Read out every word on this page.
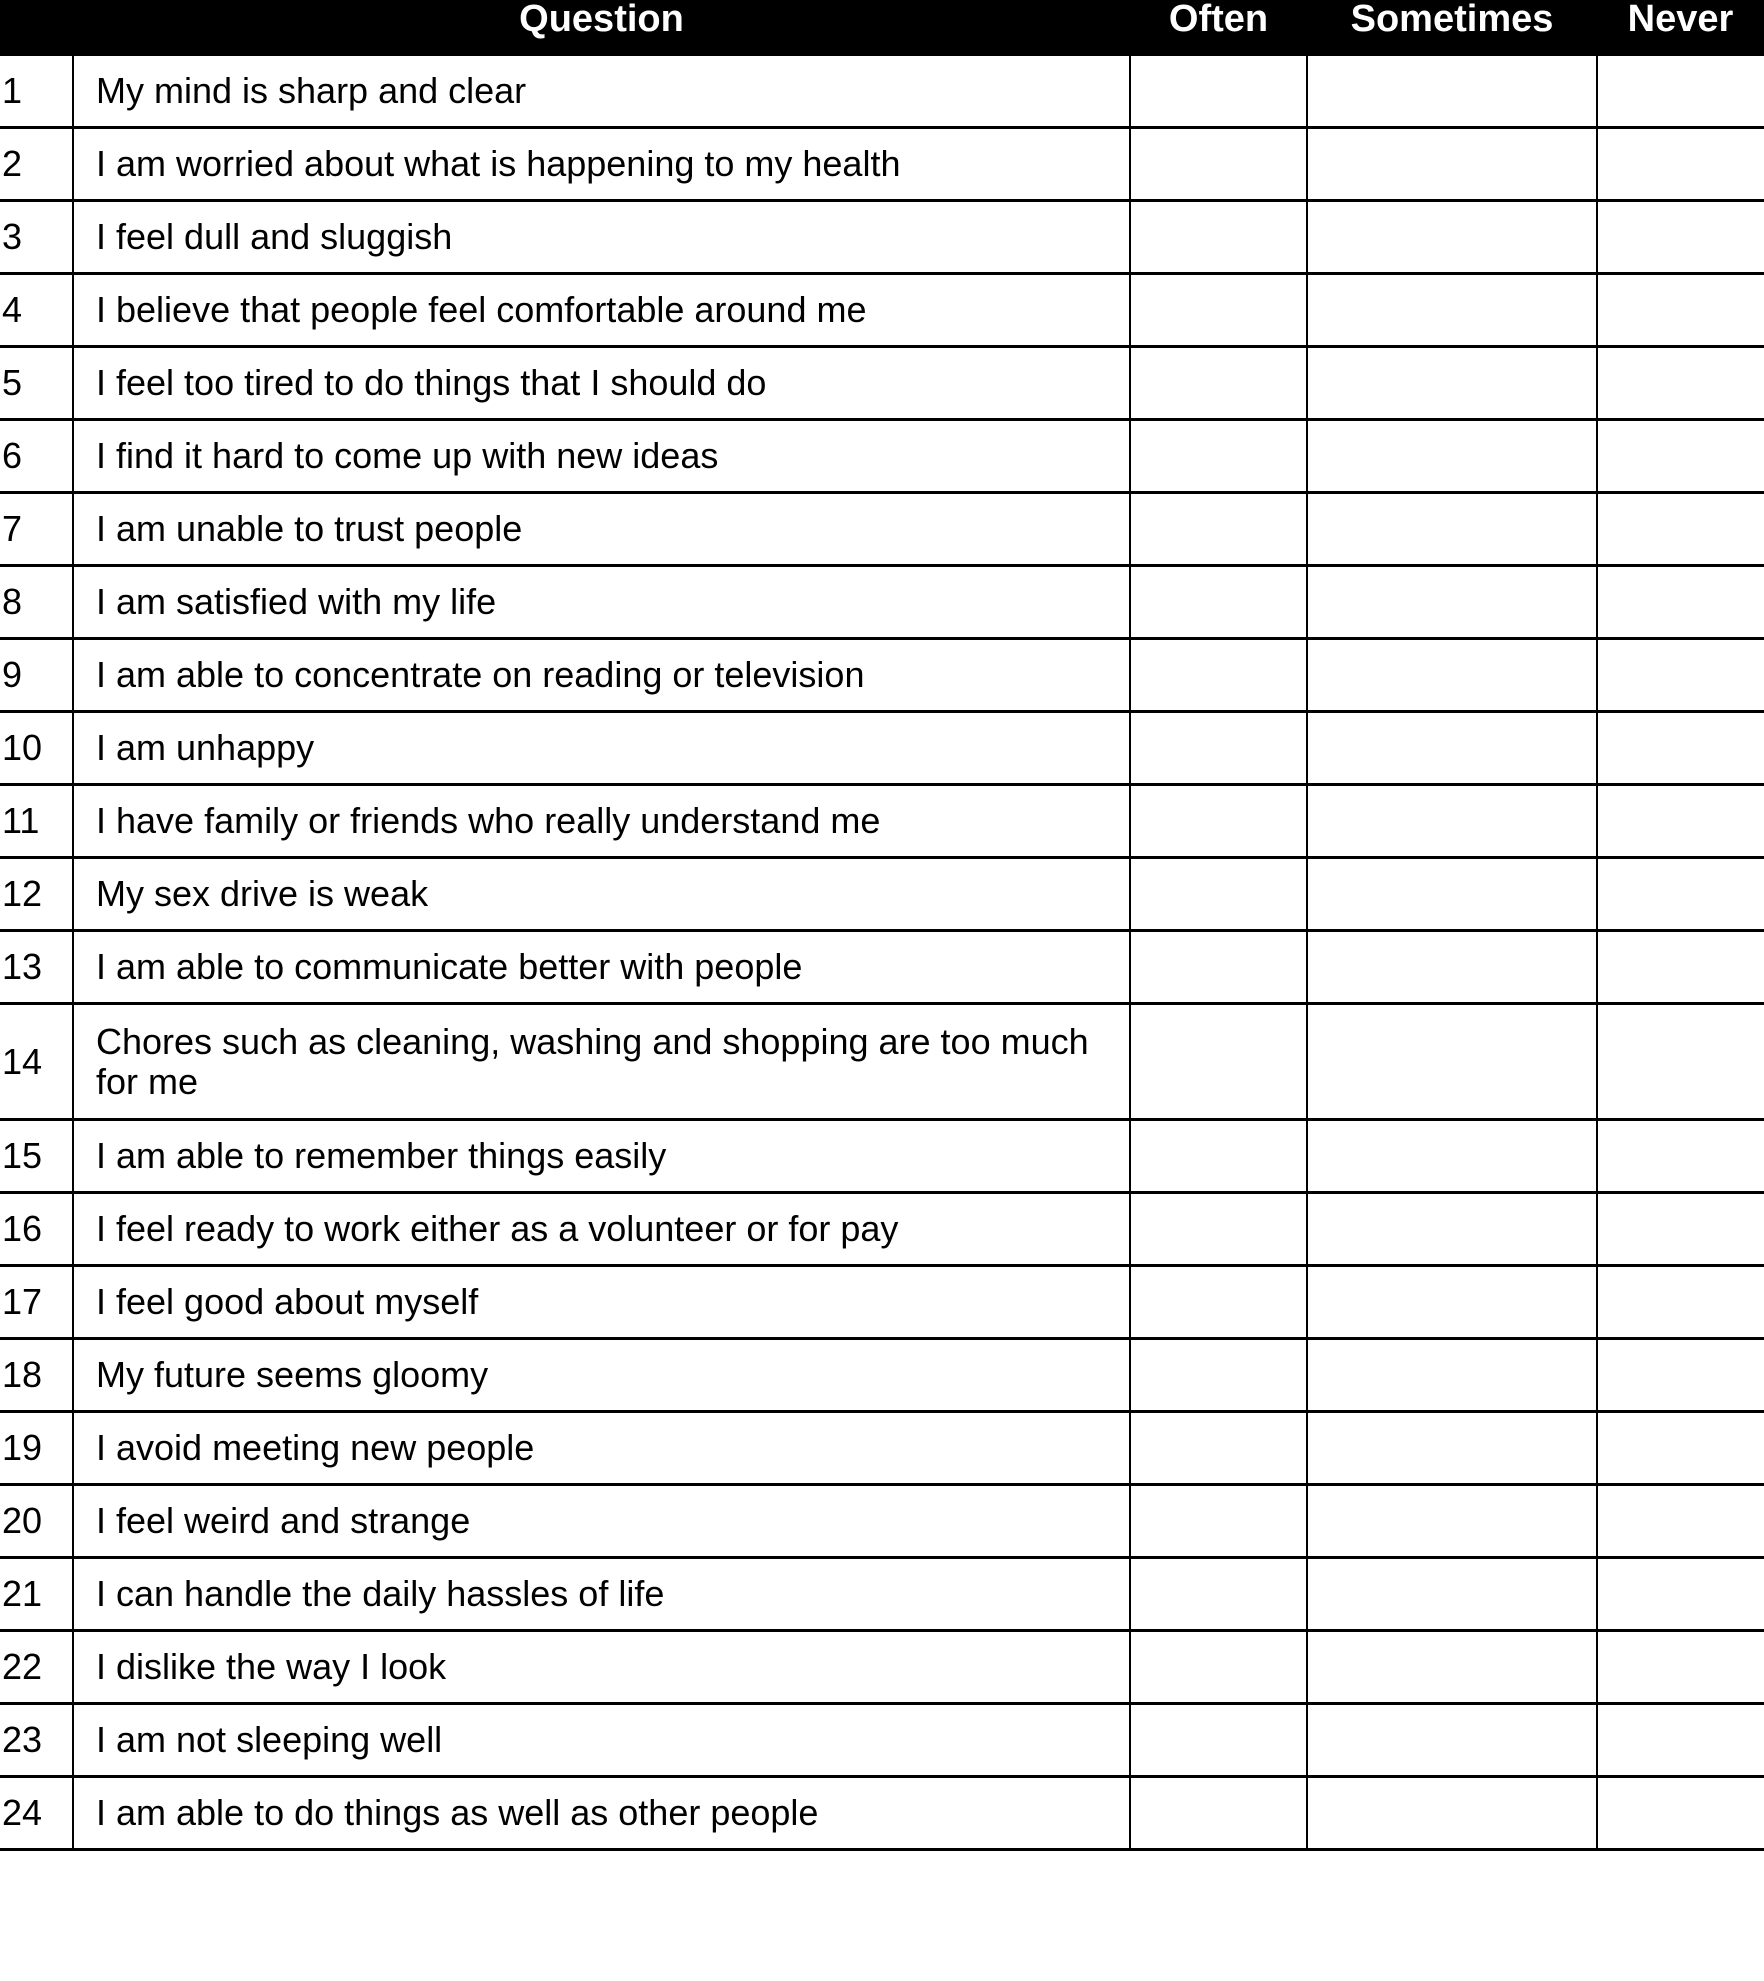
	Question	Often	Sometimes	Never
1	My mind is sharp and clear	

2	I am worried about what is happening to my health	

3	I feel dull and sluggish	

4	I believe that people feel comfortable around me	

5	I feel too tired to do things that I should do	

6	I find it hard to come up with new ideas	

7	I am unable to trust people	

8	I am satisfied with my life	

9	I am able to concentrate on reading or television	

10	I am unhappy	

11	I have family or friends who really understand me	

12	My sex drive is weak	

13	I am able to communicate better with people	

14	Chores such as cleaning, washing and shopping are too much for me	

15	I am able to remember things easily	

16	I feel ready to work either as a volunteer or for pay	

17	I feel good about myself	

18	My future seems gloomy	

19	I avoid meeting new people	

20	I feel weird and strange	

21	I can handle the daily hassles of life	

22	I dislike the way I look	

23	I am not sleeping well	

24	I am able to do things as well as other people	
